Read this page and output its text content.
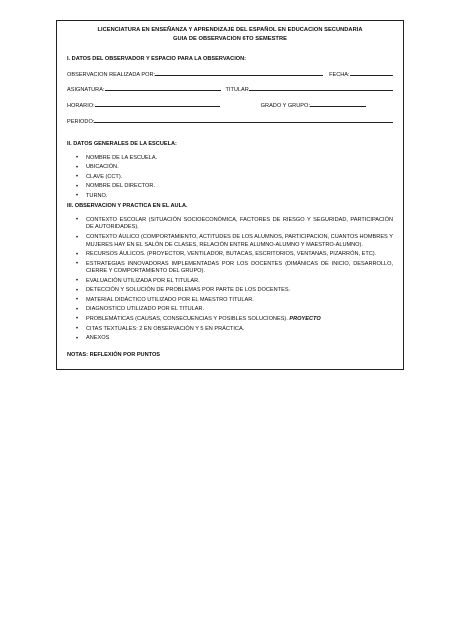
LICENCIATURA EN ENSEÑANZA Y APRENDIZAJE DEL ESPAÑOL EN EDUCACION SECUNDARIA
GUIA DE OBSERVACION 6TO SEMESTRE
I. DATOS DEL OBSERVADOR Y ESPACIO PARA LA OBSERVACION:
OBSERVACION REALIZADA POR:	FECHA:
ASIGNATURA:	TITULAR
HORARIO:	GRADO Y GRUPO:
PERIODO:
II. DATOS GENERALES DE LA ESCUELA:
• NOMBRE DE LA ESCUELA.
• UBICACIÓN.
• CLAVE (CCT).
• NOMBRE DEL DIRECTOR.
• TURNO.
III. OBSERVACION Y PRACTICA EN EL AULA.
• CONTEXTO ESCOLAR (SITUACIÓN SOCIOECONÓMICA, FACTORES DE RIESGO Y SEGURIDAD, PARTICIPACIÓN DE AUTORIDADES).
• CONTEXTO ÁULICO (COMPORTAMIENTO, ACTITUDES DE LOS ALUMNOS, PARTICIPACION, CUANTOS HOMBRES Y MUJERES HAY EN EL SALÓN DE CLASES, RELACIÓN ENTRE ALUMNO-ALUMNO Y MAESTRO-ALUMNO).
• RECURSOS ÁULICOS. (PROYECTOR, VENTILADOR, BUTACAS, ESCRITORIOS, VENTANAS, PIZARRÓN, ETC).
• ESTRATEGIAS INNOVADORAS IMPLEMENTADAS POR LOS DOCENTES (DIMÁNICAS DE INICIO, DESARROLLO, CIERRE Y COMPORTAMIENTO DEL GRUPO).
• EVALUACIÓN UTILIZADA POR EL TITULAR.
• DETECCIÓN Y SOLUCIÓN DE PROBLEMAS POR PARTE DE LOS DOCENTES.
• MATERIAL DIDÁCTICO UTILIZADO POR EL MAESTRO TITULAR.
• DIAGNOSTICO UTILIZADO POR EL TITULAR.
• PROBLEMÁTICAS (CAUSAS, CONSECUENCIAS Y POSIBLES SOLUCIONES). PROYECTO
• CITAS TEXTUALES: 2 EN OBSERVACIÓN Y 5 EN PRÁCTICA.
• ANEXOS
NOTAS: REFLEXIÓN POR PUNTOS
